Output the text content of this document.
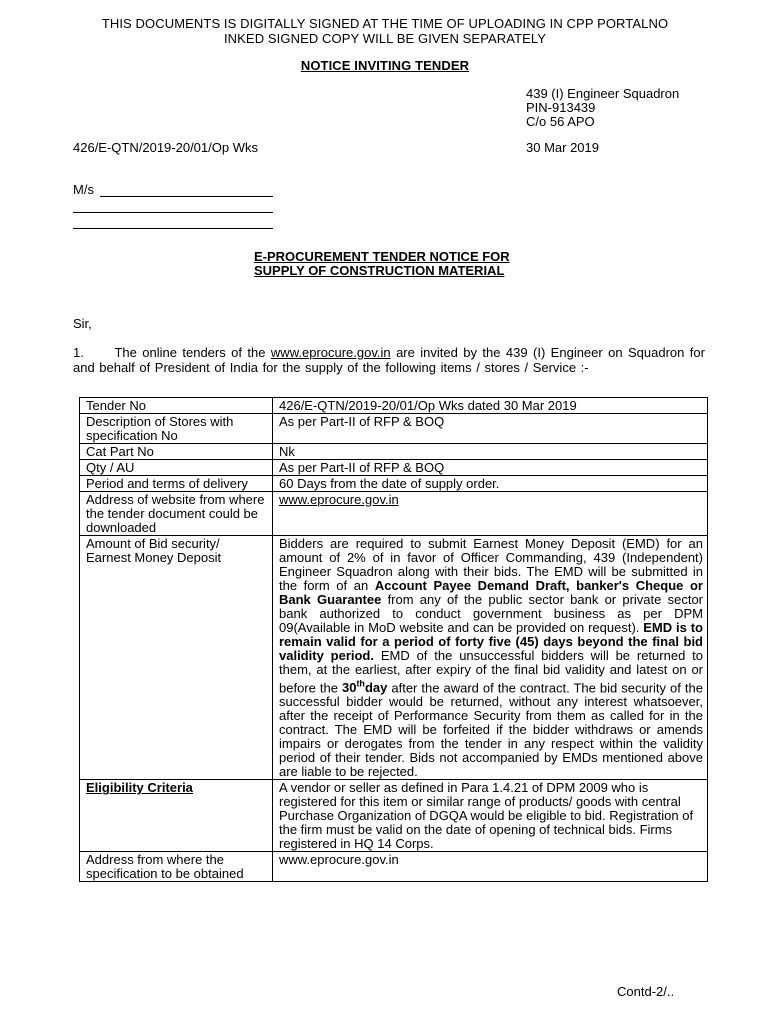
THIS DOCUMENTS IS DIGITALLY SIGNED AT THE TIME OF UPLOADING IN CPP PORTALNO
INKED SIGNED COPY WILL BE GIVEN SEPARATELY
NOTICE INVITING TENDER
439 (I) Engineer Squadron
PIN-913439
C/o 56 APO
426/E-QTN/2019-20/01/Op Wks	30 Mar 2019
M/s
E-PROCUREMENT TENDER NOTICE FOR
SUPPLY OF CONSTRUCTION MATERIAL
Sir,
1. The online tenders of the www.eprocure.gov.in are invited by the 439 (I) Engineer on Squadron for and behalf of President of India for the supply of the following items / stores / Service :-
Tender No	426/E-QTN/2019-20/01/Op Wks dated 30 Mar 2019
Description of Stores with specification No	As per Part-II of RFP & BOQ
Cat Part No	Nk
Qty / AU	As per Part-II of RFP & BOQ
Period and terms of delivery	60 Days from the date of supply order.
Address of website from where the tender document could be downloaded	www.eprocure.gov.in
Amount of Bid security/ Earnest Money Deposit	Bidders are required to submit Earnest Money Deposit (EMD) for an amount of 2% of in favor of Officer Commanding, 439 (Independent) Engineer Squadron along with their bids. The EMD will be submitted in the form of an Account Payee Demand Draft, banker's Cheque or Bank Guarantee from any of the public sector bank or private sector bank authorized to conduct government business as per DPM 09(Available in MoD website and can be provided on request). EMD is to remain valid for a period of forty five (45) days beyond the final bid validity period. EMD of the unsuccessful bidders will be returned to them, at the earliest, after expiry of the final bid validity and latest on or before the 30thday after the award of the contract. The bid security of the successful bidder would be returned, without any interest whatsoever, after the receipt of Performance Security from them as called for in the contract. The EMD will be forfeited if the bidder withdraws or amends impairs or derogates from the tender in any respect within the validity period of their tender. Bids not accompanied by EMDs mentioned above are liable to be rejected.
Eligibility Criteria	A vendor or seller as defined in Para 1.4.21 of DPM 2009 who is registered for this item or similar range of products/ goods with central Purchase Organization of DGQA would be eligible to bid. Registration of the firm must be valid on the date of opening of technical bids. Firms registered in HQ 14 Corps.
Address from where the specification to be obtained	www.eprocure.gov.in
Contd-2/..
